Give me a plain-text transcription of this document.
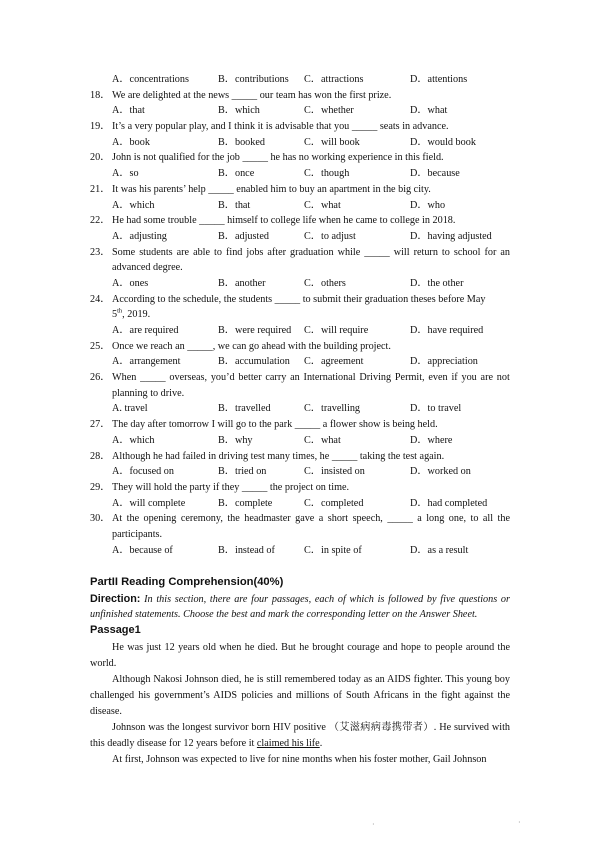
A．concentrations	B．contributions C．attractions	D．attentions
18． We are delighted at the news _____ our team has won the first prize.
A．that	B．which	C．whether	D．what
19． It’s a very popular play, and I think it is advisable that you _____ seats in advance.
A．book	B．booked	C．will book	D．would book
20． John is not qualified for the job _____ he has no working experience in this field.
A．so	B．once	C．though	D．because
21． It was his parents’ help _____ enabled him to buy an apartment in the big city.
A．which	B．that	C．what	D．who
22． He had some trouble _____ himself to college life when he came to college in 2018.
A．adjusting	B．adjusted	C．to adjust	D．having adjusted
23． Some students are able to find jobs after graduation while _____ will return to school for an
advanced degree.
A．ones	B．another	C．others	D．the other
24． According to the schedule, the students _____ to submit their graduation theses before May
5th, 2019.
A．are required	B．were required C．will require	D．have required
25． Once we reach an _____, we can go ahead with the building project.
A．arrangement	B．accumulation C．agreement	D．appreciation
26． When _____ overseas, you’d better carry an International Driving Permit, even if you are not
planning to drive.
A. travel	B．travelled	C．travelling	D．to travel
27． The day after tomorrow I will go to the park _____ a flower show is being held.
A．which	B．why	C．what	D．where
28． Although he had failed in driving test many times, he _____ taking the test again.
A．focused on	B．tried on	C．insisted on	D．worked on
29． They will hold the party if they _____ the project on time.
A．will complete	B．complete	C．completed	D．had completed
30． At the opening ceremony, the headmaster gave a short speech, _____ a long one, to all the
participants.
A．because of	B．instead of	C．in spite of	D．as a result
PartII Reading Comprehension(40%)
Direction: In this section, there are four passages, each of which is followed by five questions or unfinished statements. Choose the best and mark the corresponding letter on the Answer Sheet.
Passage1
He was just 12 years old when he died. But he brought courage and hope to people around the world.
Although Nakosi Johnson died, he is still remembered today as an AIDS fighter. This young boy challenged his government’s AIDS policies and millions of South Africans in the fight against the disease.
Johnson was the longest survivor born HIV positive （艾滋病病毒携带者）. He survived with this deadly disease for 12 years before it claimed his life.
At first, Johnson was expected to live for nine months when his foster mother, Gail Johnson
·	·
